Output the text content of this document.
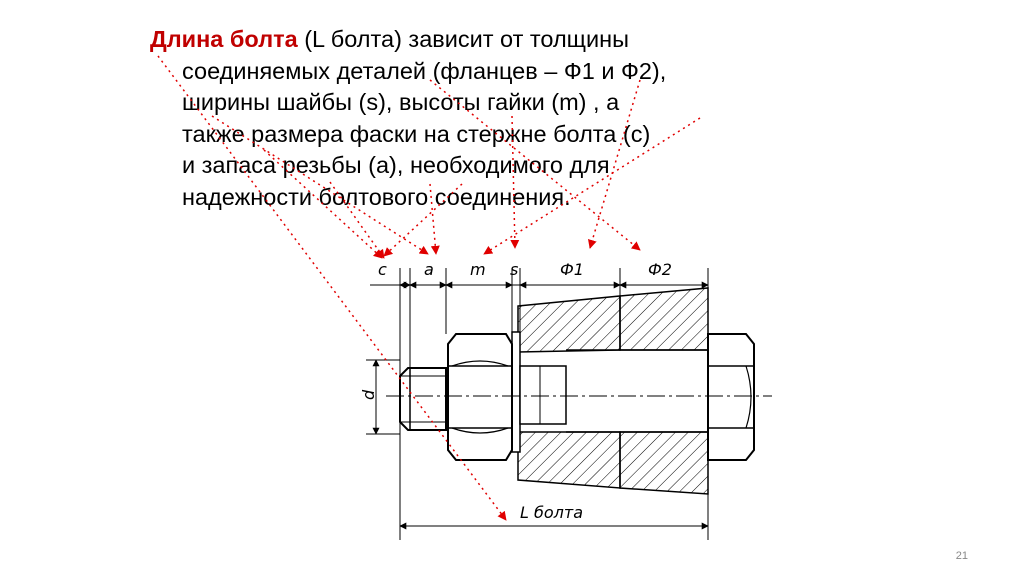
Длина болта (L болта) зависит от толщины
соединяемых деталей (фланцев – Ф1 и Ф2),
ширины шайбы (s), высоты гайки (m) , а
также размера фаски на стержне болта (c)
и запаса резьбы (a), необходимого для
надежности болтового соединения.
c a m s	Ф1	Ф2
d
L болта
21
